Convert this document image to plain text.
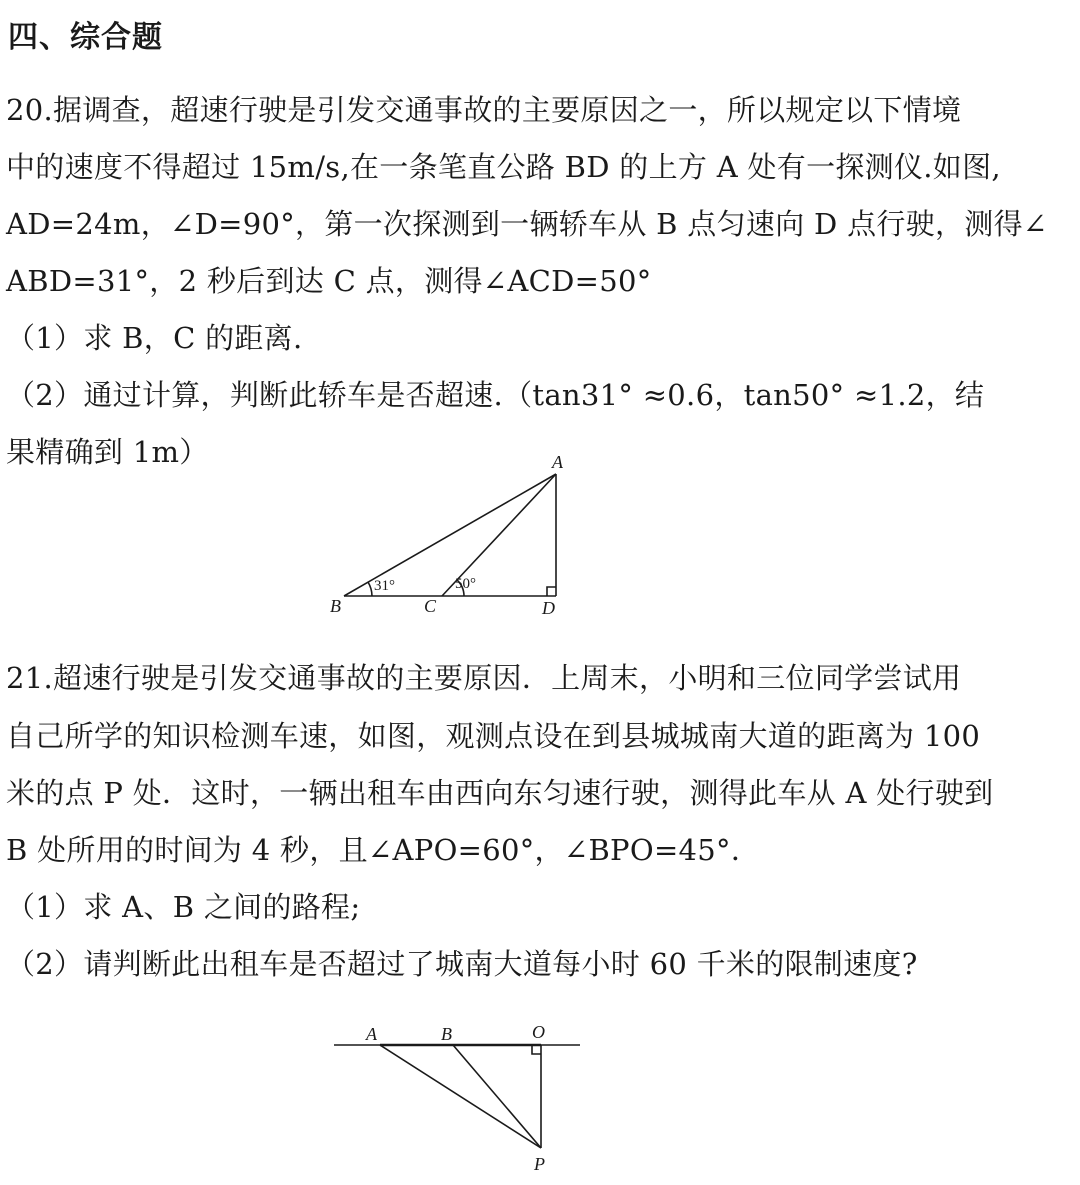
四、综合题
20.据调查，超速行驶是引发交通事故的主要原因之一，所以规定以下情境
中的速度不得超过 15m/s,在一条笔直公路 BD 的上方 A 处有一探测仪.如图,
AD=24m，∠D=90°，第一次探测到一辆轿车从 B 点匀速向 D 点行驶，测得∠
ABD=31°，2 秒后到达 C 点，测得∠ACD=50°
（1）求 B，C 的距离.
（2）通过计算，判断此轿车是否超速.（tan31° ≈0.6，tan50° ≈1.2，结
果精确到 1m）	A
B	C	D
31°	50°
21.超速行驶是引发交通事故的主要原因．上周末，小明和三位同学尝试用
自己所学的知识检测车速，如图，观测点设在到县城城南大道的距离为 100
米的点 P 处．这时，一辆出租车由西向东匀速行驶，测得此车从 A 处行驶到
B 处所用的时间为 4 秒，且∠APO=60°，∠BPO=45°．
（1）求 A、B 之间的路程;
（2）请判断此出租车是否超过了城南大道每小时 60 千米的限制速度?
A	B	O
P
